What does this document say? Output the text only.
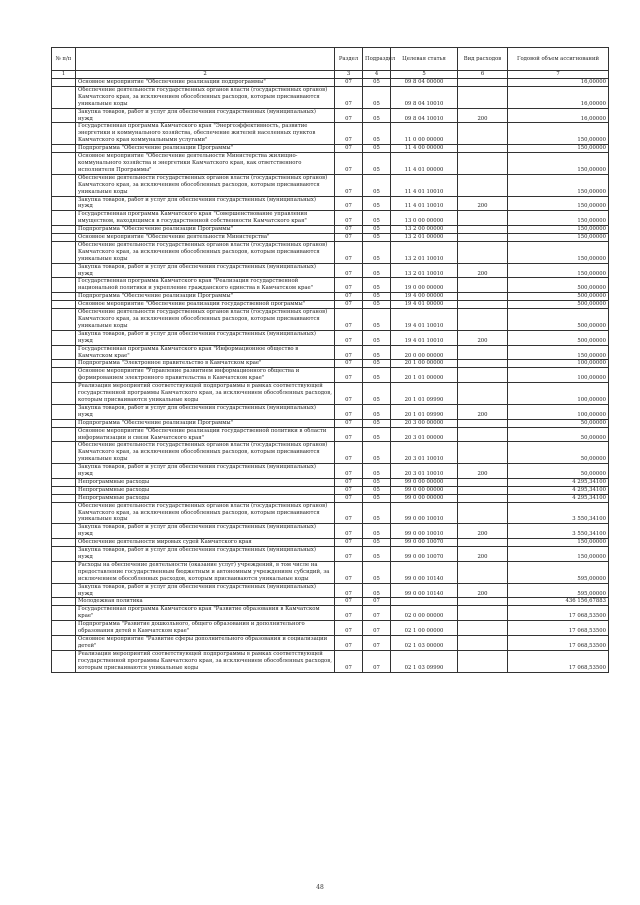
№ п/п		Раздел	Подраздел	Целевая статья	Вид расходов	Годовой объем ассигнований
1	2	3	4	5	6	7
	Основное мероприятие "Обеспечение реализации подпрограммы"	07	05	09 8 04 00000		16,00000
	Обеспечение деятельности государственных органов власти (государственных органов) Камчатского края, за исключением обособленных расходов, которым присваиваются уникальные коды	07	05	09 8 04 10010		16,00000
	Закупка товаров, работ и услуг для обеспечения государственных (муниципальных) нужд	07	05	09 8 04 10010	200	16,00000
	Государственная программа Камчатского края "Энергоэффективность, развитие энергетики и коммунального хозяйства, обеспечение жителей населенных пунктов Камчатского края коммунальными услугами"	07	05	11 0 00 00000		150,00000
	Подпрограмма "Обеспечение реализации Программы"	07	05	11 4 00 00000		150,00000
	Основное мероприятие "Обеспечение деятельности Министерства жилищно-коммунального хозяйства и энергетики Камчатского края, как ответственного исполнителя Программы"	07	05	11 4 01 00000		150,00000
	Обеспечение деятельности государственных органов власти (государственных органов) Камчатского края, за исключением обособленных расходов, которым присваиваются уникальные коды	07	05	11 4 01 10010		150,00000
	Закупка товаров, работ и услуг для обеспечения государственных (муниципальных) нужд	07	05	11 4 01 10010	200	150,00000
	Государственная программа Камчатского края "Совершенствование управления имуществом, находящимся в государственной собственности Камчатского края"	07	05	13 0 00 00000		150,00000
	Подпрограмма "Обеспечение реализации Программы"	07	05	13 2 00 00000		150,00000
	Основное мероприятие "Обеспечение деятельности Министерства"	07	05	13 2 01 00000		150,00000
	Обеспечение деятельности государственных органов власти (государственных органов) Камчатского края, за исключением обособленных расходов, которым присваиваются уникальные коды	07	05	13 2 01 10010		150,00000
	Закупка товаров, работ и услуг для обеспечения государственных (муниципальных) нужд	07	05	13 2 01 10010	200	150,00000
	Государственная программа Камчатского края "Реализация государственной национальной политики и укрепление гражданского единства в Камчатском крае"	07	05	19 0 00 00000		500,00000
	Подпрограмма "Обеспечение реализации Программы"	07	05	19 4 00 00000		500,00000
	Основное мероприятие "Обеспечение реализации государственной программы"	07	05	19 4 01 00000		500,00000
	Обеспечение деятельности государственных органов власти (государственных органов) Камчатского края, за исключением обособленных расходов, которым присваиваются уникальные коды	07	05	19 4 01 10010		500,00000
	Закупка товаров, работ и услуг для обеспечения государственных (муниципальных) нужд	07	05	19 4 01 10010	200	500,00000
	Государственная программа Камчатского края "Информационное общество в Камчатском крае"	07	05	20 0 00 00000		150,00000
	Подпрограмма "Электронное правительство в Камчатском крае"	07	05	20 1 00 00000		100,00000
	Основное мероприятие "Управление развитием информационного общества и формированием электронного правительства в Камчатском крае"	07	05	20 1 01 00000		100,00000
	Реализация мероприятий соответствующей подпрограммы в рамках соответствующей государственной программы Камчатского края, за исключением обособленных расходов, которым присваиваются уникальные коды	07	05	20 1 01 09990		100,00000
	Закупка товаров, работ и услуг для обеспечения государственных (муниципальных) нужд	07	05	20 1 01 09990	200	100,00000
	Подпрограмма "Обеспечение реализации Программы"	07	05	20 3 00 00000		50,00000
	Основное мероприятие "Обеспечение реализации государственной политики в области информатизации и связи Камчатского края"	07	05	20 3 01 00000		50,00000
	Обеспечение деятельности государственных органов власти (государственных органов) Камчатского края, за исключением обособленных расходов, которым присваиваются уникальные коды	07	05	20 3 01 10010		50,00000
	Закупка товаров, работ и услуг для обеспечения государственных (муниципальных) нужд	07	05	20 3 01 10010	200	50,00000
	Непрограммные расходы	07	05	99 0 00 00000		4 295,34100
	Непрограммные расходы	07	05	99 0 00 00000		4 295,34100
	Непрограммные расходы	07	05	99 0 00 00000		4 295,34100
	Обеспечение деятельности государственных органов власти (государственных органов) Камчатского края, за исключением обособленных расходов, которым присваиваются уникальные коды	07	05	99 0 00 10010		3 550,34100
	Закупка товаров, работ и услуг для обеспечения государственных (муниципальных) нужд	07	05	99 0 00 10010	200	3 550,34100
	Обеспечение деятельности мировых судей Камчатского края	07	05	99 0 00 10070		150,00000
	Закупка товаров, работ и услуг для обеспечения государственных (муниципальных) нужд	07	05	99 0 00 10070	200	150,00000
	Расходы на обеспечение деятельности (оказание услуг) учреждений, в том числе на предоставление государственным бюджетным и автономным учреждениям субсидий, за исключением обособленных расходов, которым присваиваются уникальные коды	07	05	99 0 00 10140		595,00000
	Закупка товаров, работ и услуг для обеспечения государственных (муниципальных) нужд	07	05	99 0 00 10140	200	595,00000
	Молодежная политика	07	07			436 156,67883
	Государственная программа Камчатского края "Развитие образования в Камчатском крае"	07	07	02 0 00 00000		17 068,53500
	Подпрограмма "Развитие дошкольного, общего образования и дополнительного образования детей в Камчатском крае"	07	07	02 1 00 00000		17 068,53500
	Основное мероприятие "Развитие сферы дополнительного образования и социализации детей"	07	07	02 1 03 00000		17 068,53500
	Реализация мероприятий соответствующей подпрограммы в рамках соответствующей государственной программы Камчатского края, за исключением обособленных расходов, которым присваиваются уникальные коды	07	07	02 1 03 09990		17 068,53500
48
